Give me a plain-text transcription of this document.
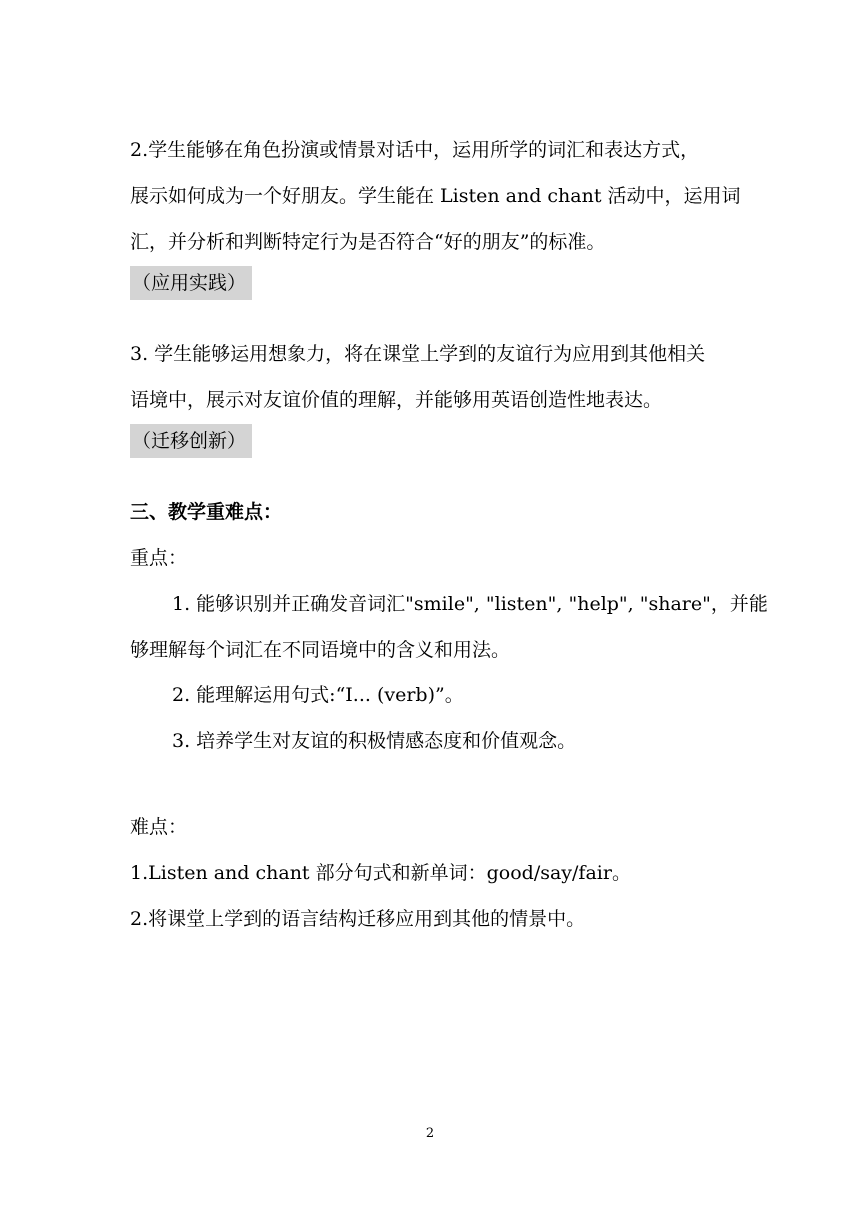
2.学生能够在角色扮演或情景对话中，运用所学的词汇和表达方式，
展示如何成为一个好朋友。学生能在 Listen and chant 活动中，运用词
汇，并分析和判断特定行为是否符合“好的朋友”的标准。
（应用实践）
3. 学生能够运用想象力，将在课堂上学到的友谊行为应用到其他相关
语境中，展示对友谊价值的理解，并能够用英语创造性地表达。
（迁移创新）
三、教学重难点：
重点：
1. 能够识别并正确发音词汇"smile", "listen", "help", "share"，并能
够理解每个词汇在不同语境中的含义和用法。
2. 能理解运用句式:“I... (verb)”。
3. 培养学生对友谊的积极情感态度和价值观念。
难点：
1.Listen and chant 部分句式和新单词：good/say/fair。
2.将课堂上学到的语言结构迁移应用到其他的情景中。
2
